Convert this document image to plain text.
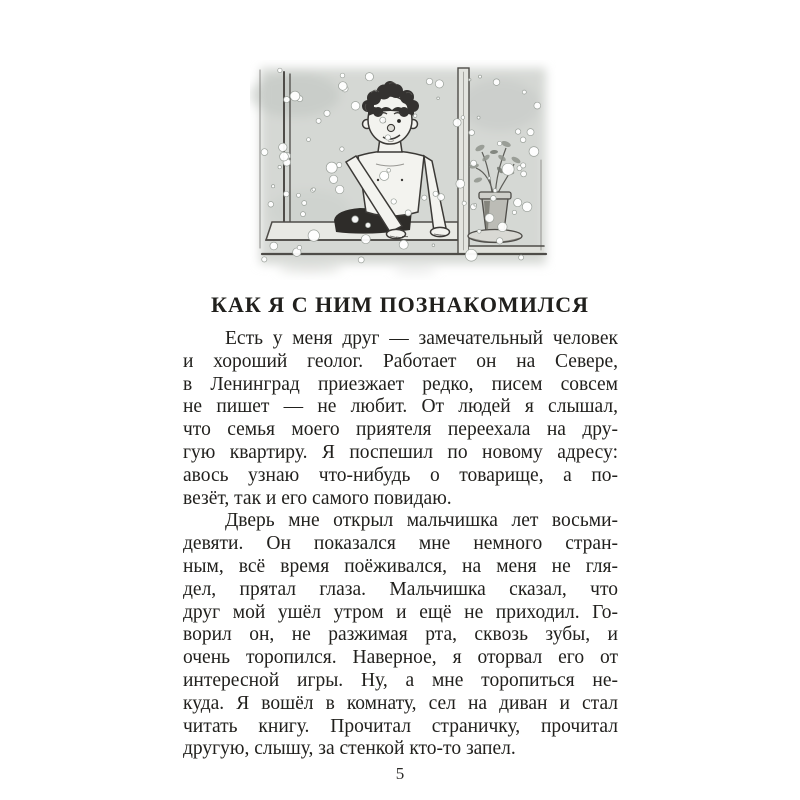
КАК Я С НИМ ПОЗНАКОМИЛСЯ
Есть у меня друг — замечательный человек
и хороший геолог. Работает он на Севере,
в Ленинград приезжает редко, писем совсем
не пишет — не любит. От людей я слышал,
что семья моего приятеля переехала на дру-
гую квартиру. Я поспешил по новому адресу:
авось узнаю что-нибудь о товарище, а по-
везёт, так и его самого повидаю.
Дверь мне открыл мальчишка лет восьми-
девяти. Он показался мне немного стран-
ным, всё время поёживался, на меня не гля-
дел, прятал глаза. Мальчишка сказал, что
друг мой ушёл утром и ещё не приходил. Го-
ворил он, не разжимая рта, сквозь зубы, и
очень торопился. Наверное, я оторвал его от
интересной игры. Ну, а мне торопиться не-
куда. Я вошёл в комнату, сел на диван и стал
читать книгу. Прочитал страничку, прочитал
другую, слышу, за стенкой кто-то запел.
5
